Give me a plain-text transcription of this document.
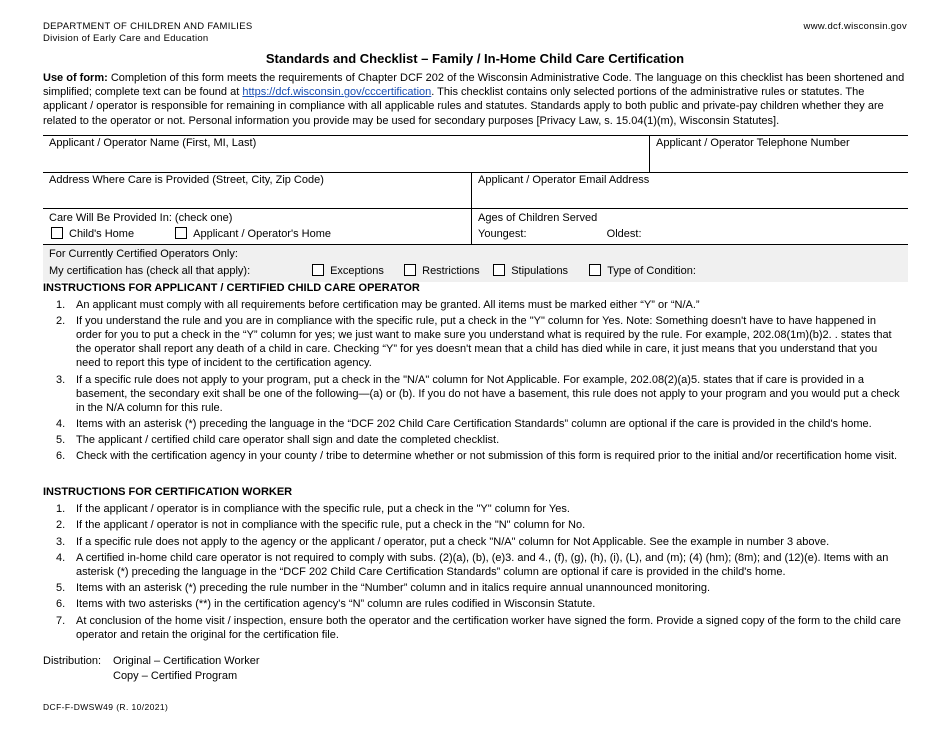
DEPARTMENT OF CHILDREN AND FAMILIES
Division of Early Care and Education
www.dcf.wisconsin.gov
Standards and Checklist – Family / In-Home Child Care Certification
Use of form: Completion of this form meets the requirements of Chapter DCF 202 of the Wisconsin Administrative Code. The language on this checklist has been shortened and simplified; complete text can be found at https://dcf.wisconsin.gov/cccertification. This checklist contains only selected portions of the administrative rules or statutes. The applicant / operator is responsible for remaining in compliance with all applicable rules and statutes. Standards apply to both public and private-pay children whether they are related to the operator or not. Personal information you provide may be used for secondary purposes [Privacy Law, s. 15.04(1)(m), Wisconsin Statutes].
Applicant / Operator Name (First, MI, Last)	Applicant / Operator Telephone Number
Address Where Care is Provided (Street, City, Zip Code)	Applicant / Operator Email Address
Care Will Be Provided In: (check one)
Child's Home	Applicant / Operator's Home
Ages of Children Served
Youngest:	Oldest:
For Currently Certified Operators Only:
My certification has (check all that apply):	Exceptions	Restrictions	Stipulations	Type of Condition:
INSTRUCTIONS FOR APPLICANT / CERTIFIED CHILD CARE OPERATOR
1. An applicant must comply with all requirements before certification may be granted. All items must be marked either “Y” or “N/A.”
2. If you understand the rule and you are in compliance with the specific rule, put a check in the "Y" column for Yes. Note: Something doesn't have to have happened in order for you to put a check in the “Y” column for yes; we just want to make sure you understand what is required by the rule. For example, 202.08(1m)(b)2. . states that the operator shall report any death of a child in care. Checking “Y” for yes doesn't mean that a child has died while in care, it just means that you understand that you need to report this type of incident to the certification agency.
3. If a specific rule does not apply to your program, put a check in the "N/A" column for Not Applicable. For example, 202.08(2)(a)5. states that if care is provided in a basement, the secondary exit shall be one of the following—(a) or (b). If you do not have a basement, this rule does not apply to your program and you would put a check in the N/A column for this rule.
4. Items with an asterisk (*) preceding the language in the “DCF 202 Child Care Certification Standards” column are optional if the care is provided in the child's home.
5. The applicant / certified child care operator shall sign and date the completed checklist.
6. Check with the certification agency in your county / tribe to determine whether or not submission of this form is required prior to the initial and/or recertification home visit.
INSTRUCTIONS FOR CERTIFICATION WORKER
1. If the applicant / operator is in compliance with the specific rule, put a check in the "Y" column for Yes.
2. If the applicant / operator is not in compliance with the specific rule, put a check in the "N" column for No.
3. If a specific rule does not apply to the agency or the applicant / operator, put a check "N/A" column for Not Applicable. See the example in number 3 above.
4. A certified in-home child care operator is not required to comply with subs. (2)(a), (b), (e)3. and 4., (f), (g), (h), (i), (L), and (m); (4) (hm); (8m); and (12)(e). Items with an asterisk (*) preceding the language in the “DCF 202 Child Care Certification Standards” column are optional if care is provided in the child's home.
5. Items with an asterisk (*) preceding the rule number in the “Number” column and in italics require annual unannounced monitoring.
6. Items with two asterisks (**) in the certification agency's “N” column are rules codified in Wisconsin Statute.
7. At conclusion of the home visit / inspection, ensure both the operator and the certification worker have signed the form. Provide a signed copy of the form to the child care operator and retain the original for the certification file.
Distribution: Original – Certification Worker
Copy – Certified Program
DCF-F-DWSW49 (R. 10/2021)
